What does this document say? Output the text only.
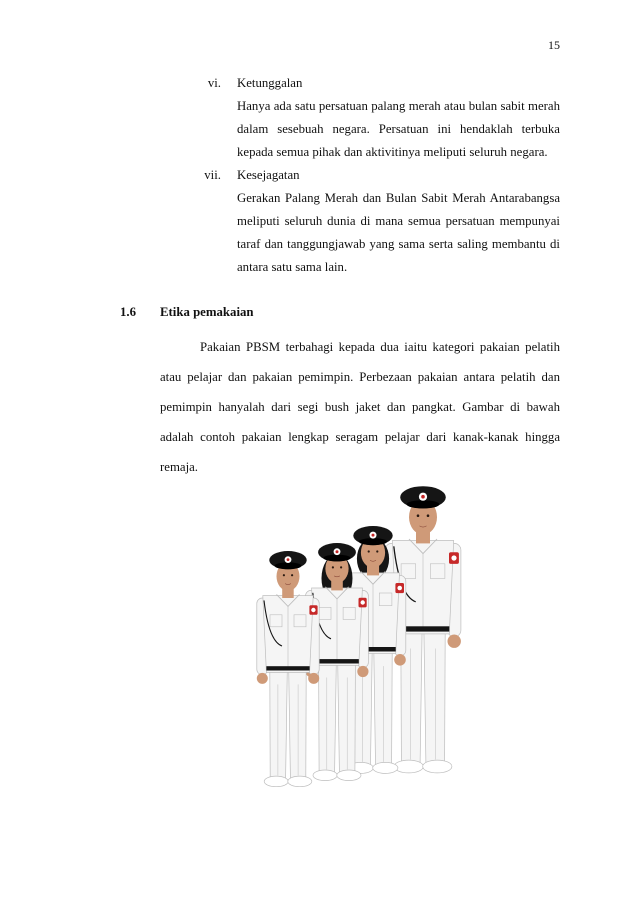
15
vi. Ketunggalan
Hanya ada satu persatuan palang merah atau bulan sabit merah
dalam sesebuah negara. Persatuan ini hendaklah terbuka
kepada semua pihak dan aktivitinya meliputi seluruh negara.
vii. Kesejagatan
Gerakan Palang Merah dan Bulan Sabit Merah Antarabangsa
meliputi seluruh dunia di mana semua persatuan mempunyai
taraf dan tanggungjawab yang sama serta saling membantu di
antara satu sama lain.
1.6 Etika pemakaian
Pakaian PBSM terbahagi kepada dua iaitu kategori pakaian pelatih
atau pelajar dan pakaian pemimpin. Perbezaan pakaian antara pelatih dan
pemimpin hanyalah dari segi bush jaket dan pangkat. Gambar di bawah
adalah contoh pakaian lengkap seragam pelajar dari kanak-kanak hingga
remaja.
